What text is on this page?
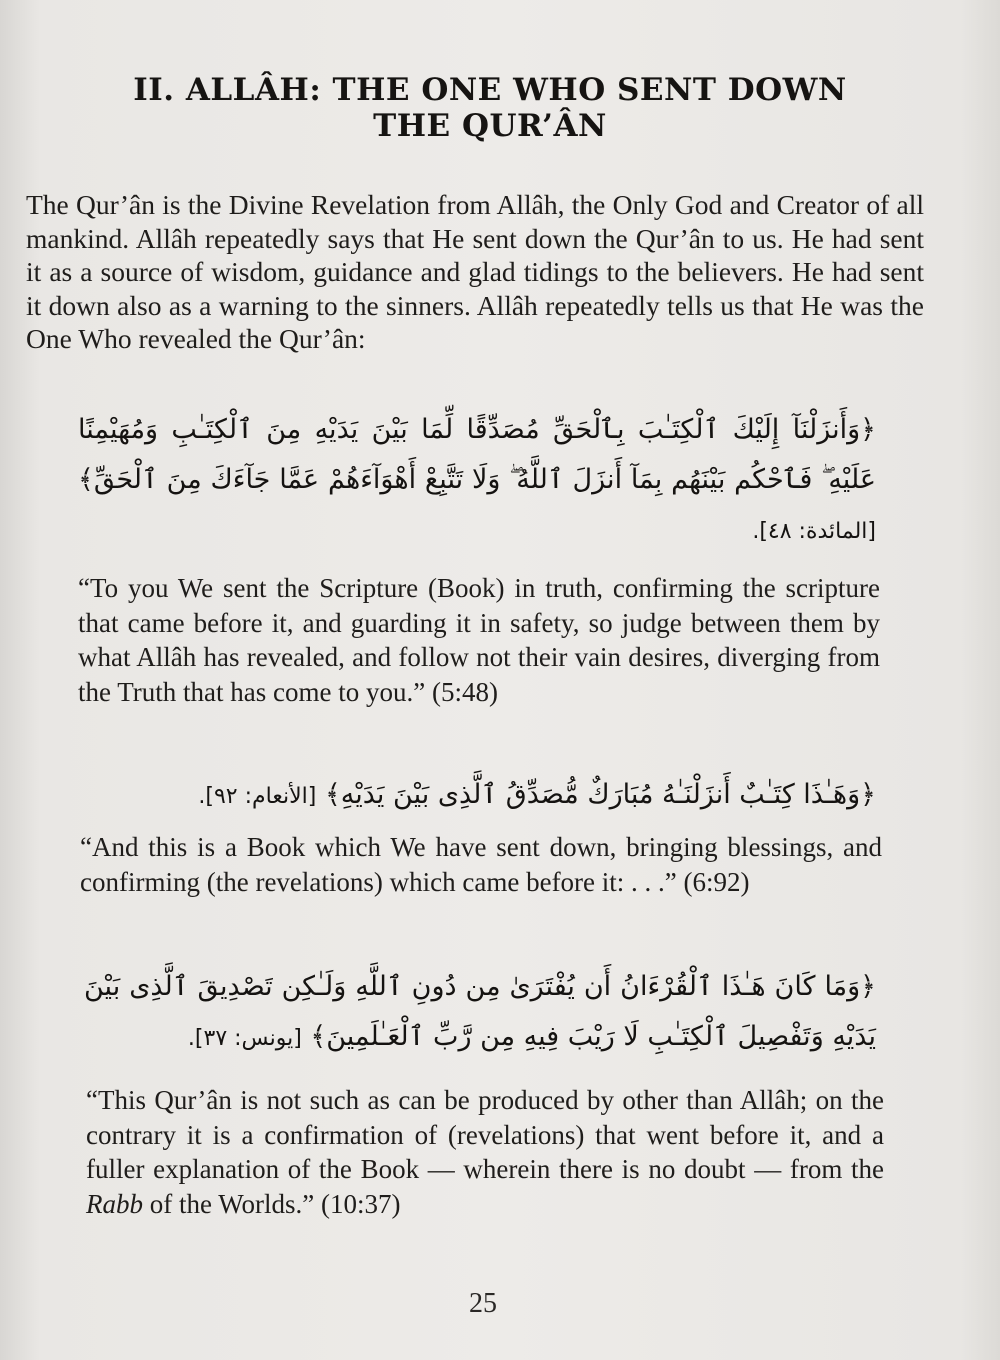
II. ALLÂH: THE ONE WHO SENT DOWN
THE QUR’ÂN
The Qur’ân is the Divine Revelation from Allâh, the Only God and Creator of all mankind. Allâh repeatedly says that He sent down the Qur’ân to us. He had sent it as a source of wisdom, guidance and glad tidings to the believers. He had sent it down also as a warning to the sinners. Allâh repeatedly tells us that He was the One Who revealed the Qur’ân:
﴿وَأَنزَلْنَآ إِلَيْكَ ٱلْكِتَـٰبَ بِٱلْحَقِّ مُصَدِّقًا لِّمَا بَيْنَ يَدَيْهِ مِنَ ٱلْكِتَـٰبِ وَمُهَيْمِنًا عَلَيْهِ ۖ فَٱحْكُم بَيْنَهُم بِمَآ أَنزَلَ ٱللَّهُ ۖ وَلَا تَتَّبِعْ أَهْوَآءَهُمْ عَمَّا جَآءَكَ مِنَ ٱلْحَقِّ﴾ [المائدة: ٤٨].
“To you We sent the Scripture (Book) in truth, confirming the scripture that came before it, and guarding it in safety, so judge between them by what Allâh has revealed, and follow not their vain desires, diverging from the Truth that has come to you.” (5:48)
﴿وَهَـٰذَا كِتَـٰبٌ أَنزَلْنَـٰهُ مُبَارَكٌ مُّصَدِّقُ ٱلَّذِى بَيْنَ يَدَيْهِ﴾ [الأنعام: ٩٢].
“And this is a Book which We have sent down, bringing blessings, and confirming (the revelations) which came before it: . . .” (6:92)
﴿وَمَا كَانَ هَـٰذَا ٱلْقُرْءَانُ أَن يُفْتَرَىٰ مِن دُونِ ٱللَّهِ وَلَـٰكِن تَصْدِيقَ ٱلَّذِى بَيْنَ يَدَيْهِ وَتَفْصِيلَ ٱلْكِتَـٰبِ لَا رَيْبَ فِيهِ مِن رَّبِّ ٱلْعَـٰلَمِينَ﴾ [يونس: ٣٧].
“This Qur’ân is not such as can be produced by other than Allâh; on the contrary it is a confirmation of (revelations) that went before it, and a fuller explanation of the Book — wherein there is no doubt — from the Rabb of the Worlds.” (10:37)
25
